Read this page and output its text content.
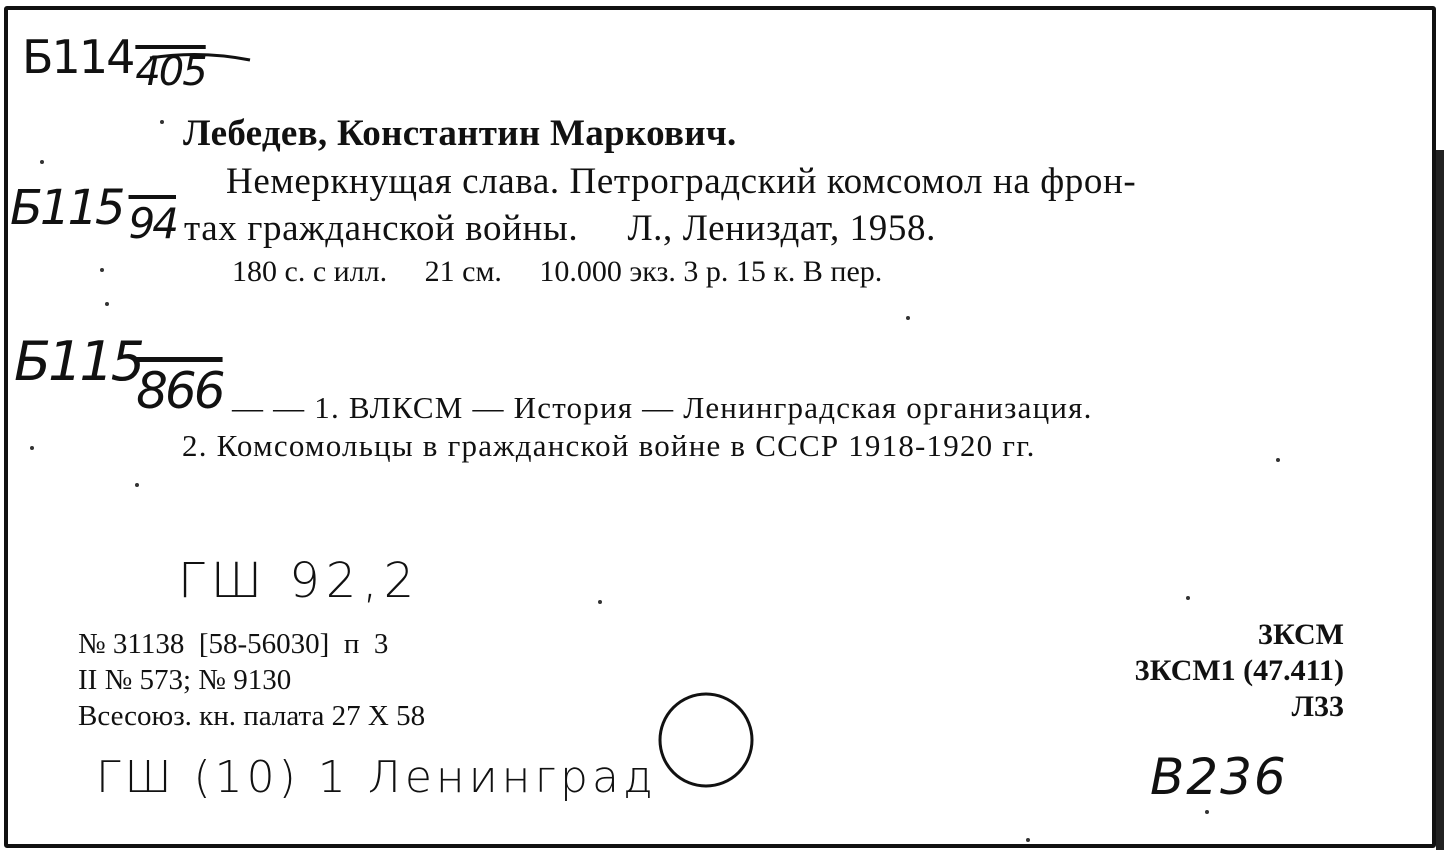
Б114405
Б115 94
Б115866
Лебедев, Константин Маркович.
Немеркнущая слава. Петроградский комсомол на фрон-
тах гражданской войны.     Л., Лениздат, 1958.
180 с. с илл.     21 см.     10.000 экз. 3 р. 15 к. В пер.
— — 1. ВЛКСМ — История — Ленинградская организация.
2. Комсомольцы в гражданской войне в СССР 1918-1920 гг.
ГШ 92,2
№ 31138  [58-56030]  п  3
II № 573; № 9130
Всесоюз. кн. палата 27 X 58
ГШ (10) 1 Ленинград
3КСМ
3КСМ1 (47.411)
Л33
В236
